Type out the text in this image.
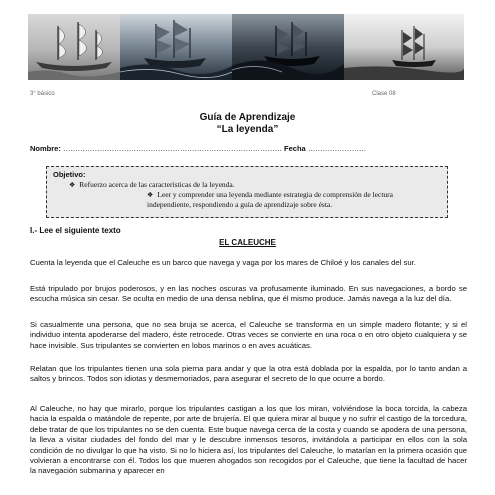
3° básico	Clase 08
Guía de Aprendizaje
“La leyenda”
Nombre: ……………………………………………………………………………… Fecha ……………………
Objetivo:
❖ Refuerzo acerca de las características de la leyenda.
❖ Leer y comprender una leyenda mediante estrategia de comprensión de lectura independiente, respondiendo a guía de aprendizaje sobre ésta.
I.- Lee el siguiente texto
EL CALEUCHE

Cuenta la leyenda que el Caleuche es un barco que navega y vaga por los mares de Chiloé y los canales del sur.

Está tripulado por brujos poderosos, y en las noches oscuras va profusamente iluminado. En sus navegaciones, a bordo se escucha música sin cesar. Se oculta en medio de una densa neblina, que él mismo produce. Jamás navega a la luz del día.

Si casualmente una persona, que no sea bruja se acerca, el Caleuche se transforma en un simple madero flotante; y si el individuo intenta apoderarse del madero, éste retrocede. Otras veces se convierte en una roca o en otro objeto cualquiera y se hace invisible. Sus tripulantes se convierten en lobos marinos o en aves acuáticas.

Relatan que los tripulantes tienen una sola pierna para andar y que la otra está doblada por la espalda, por lo tanto andan a saltos y brincos. Todos son idiotas y desmemoriados, para asegurar el secreto de lo que ocurre a bordo.

Al Caleuche, no hay que mirarlo, porque los tripulantes castigan a los que los miran, volviéndose la boca torcida, la cabeza hacia la espalda o matándole de repente, por arte de brujería. El que quiera mirar al buque y no sufrir el castigo de la torcedura, debe tratar de que los tripulantes no se den cuenta. Este buque navega cerca de la costa y cuando se apodera de una persona, la lleva a visitar ciudades del fondo del mar y le descubre inmensos tesoros, invitándola a participar en ellos con la sola condición de no divulgar lo que ha visto. Si no lo hiciera así, los tripulantes del Caleuche, lo matarían en la primera ocasión que volvieran a encontrarse con él. Todos los que mueren ahogados son recogidos por el Caleuche, que tiene la facultad de hacer la navegación submarina y aparecer en
